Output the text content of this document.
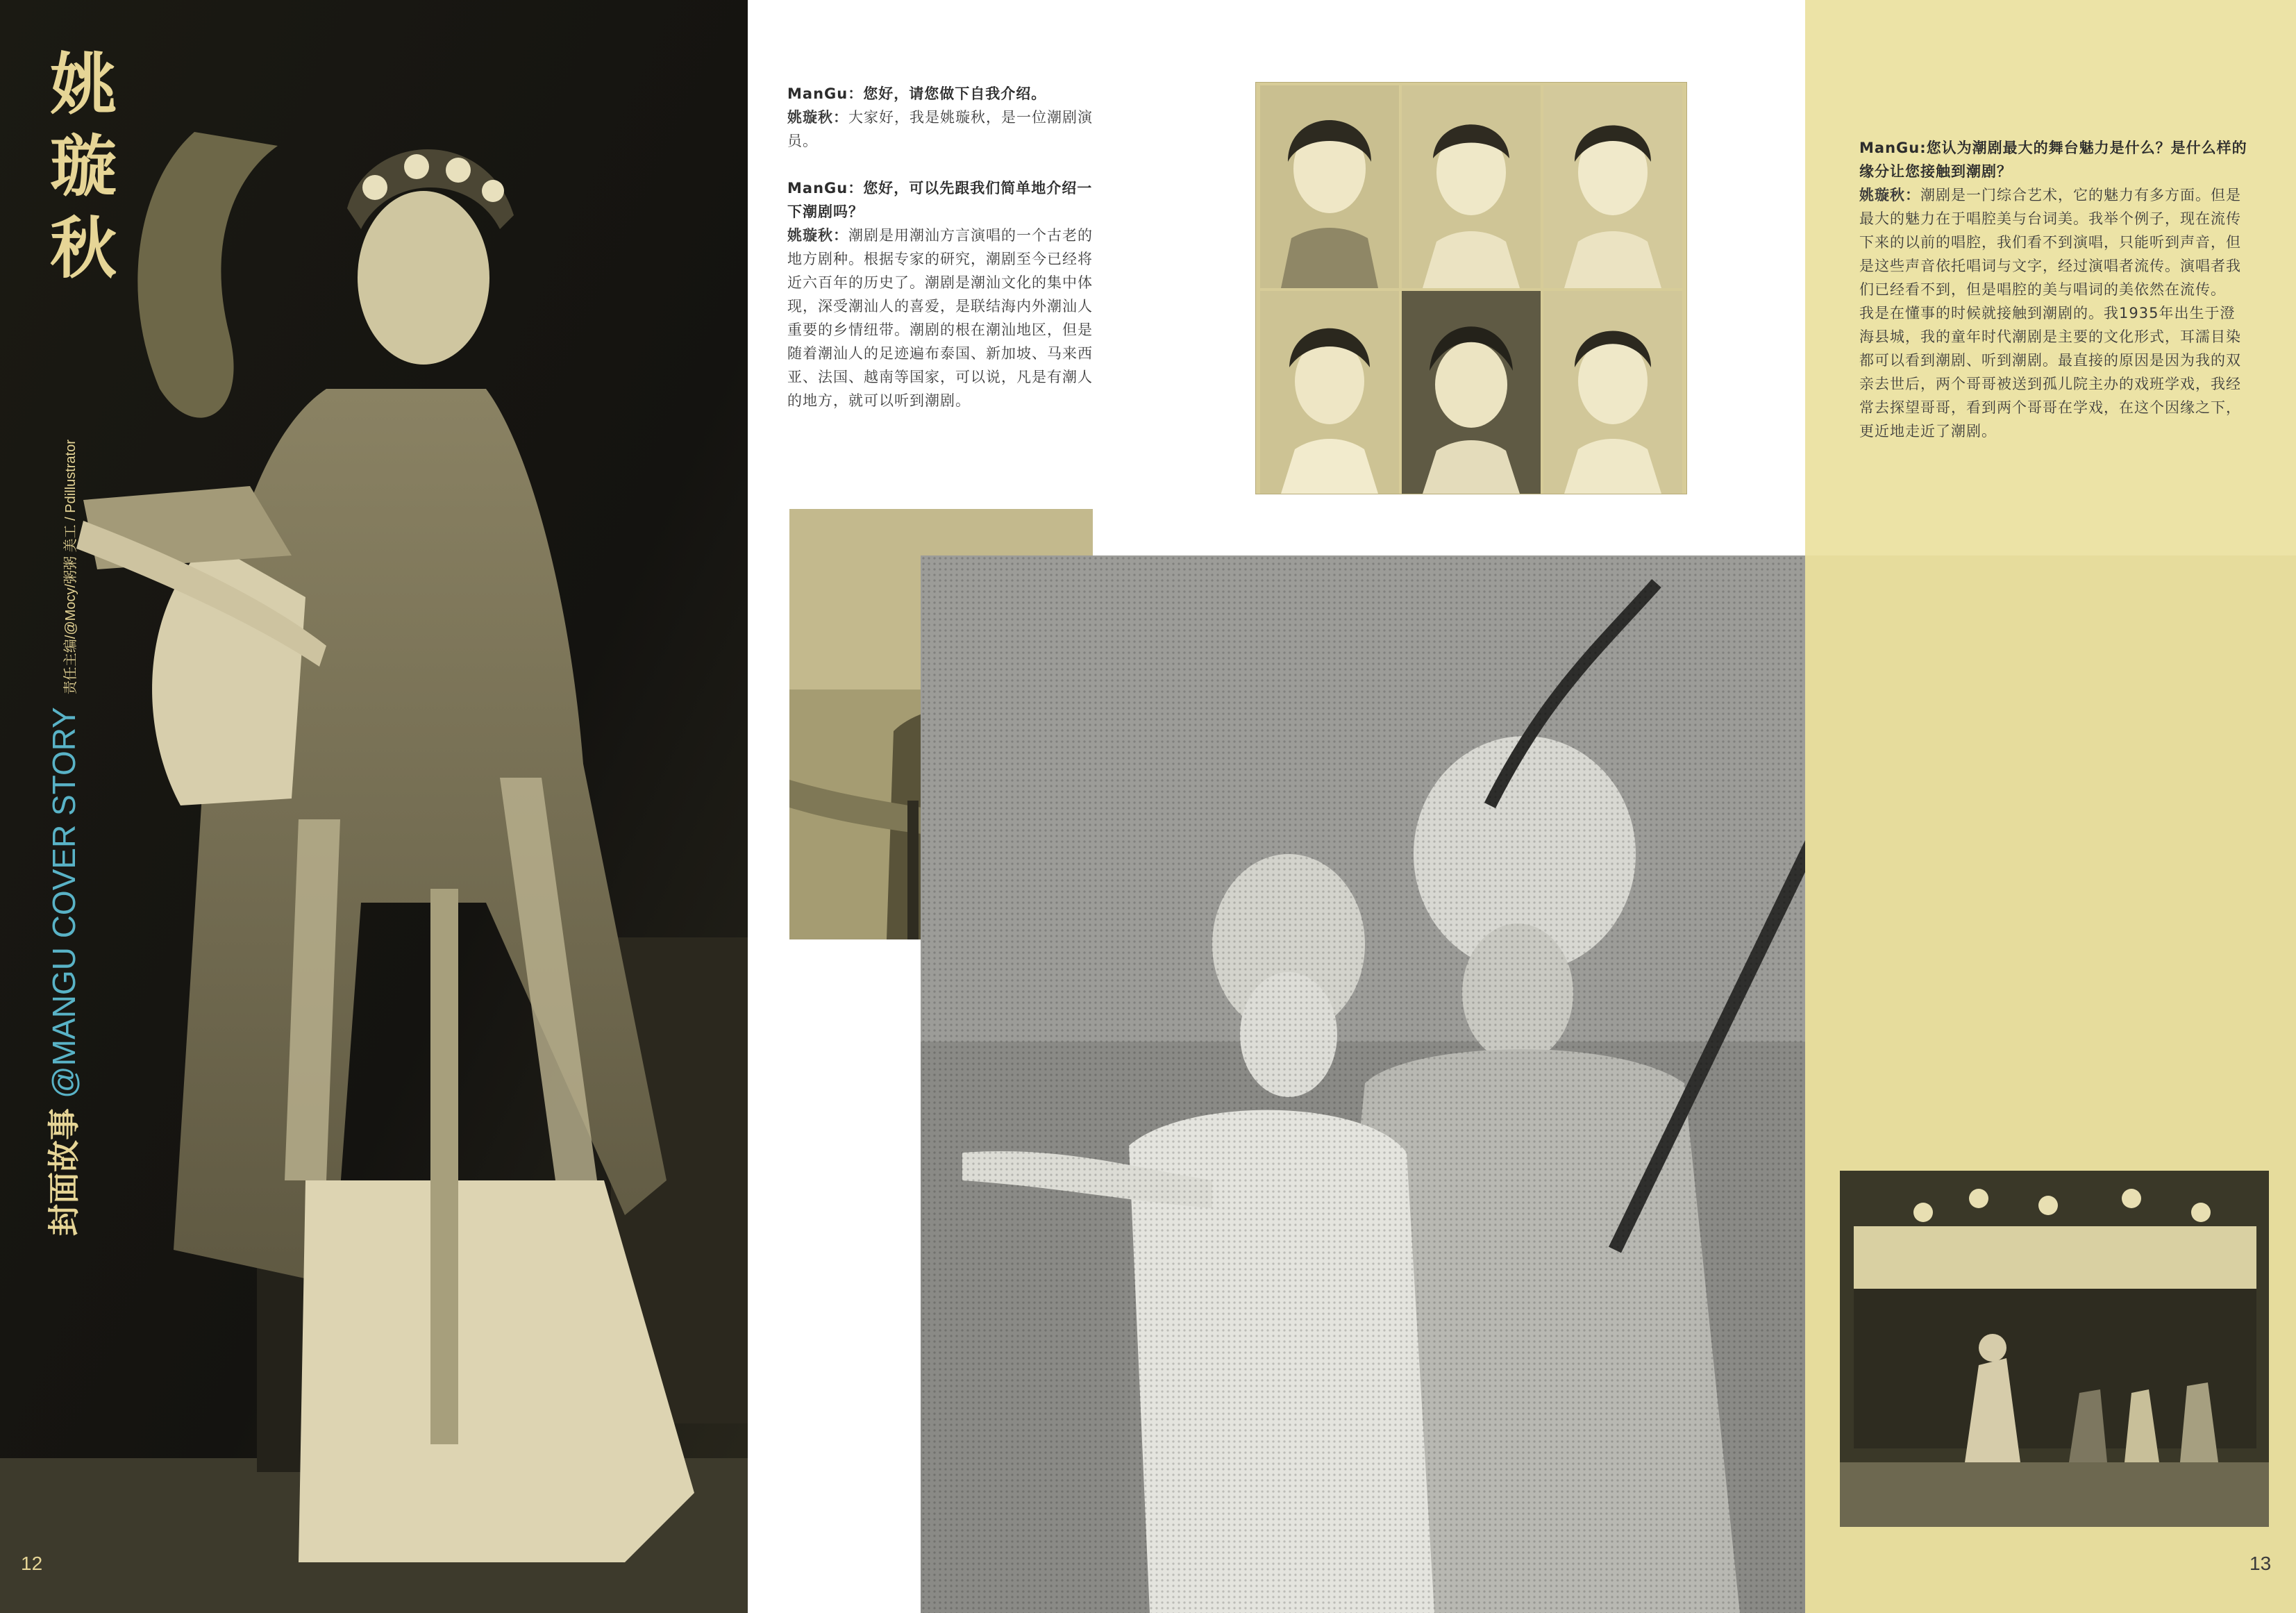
姚
璇
秋
封面故事@MANGU COVER STORY责任主编/@Mocy/粥粥 美工 / Pdillustrator
12

ManGu：您好，请您做下自我介绍。

姚璇秋：大家好，我是姚璇秋，是一位潮剧演员。

ManGu：您好，可以先跟我们简单地介绍一下潮剧吗？

姚璇秋：潮剧是用潮汕方言演唱的一个古老的地方剧种。根据专家的研究，潮剧至今已经将近六百年的历史了。潮剧是潮汕文化的集中体现，深受潮汕人的喜爱，是联结海内外潮汕人重要的乡情纽带。潮剧的根在潮汕地区，但是随着潮汕人的足迹遍布泰国、新加坡、马来西亚、法国、越南等国家，可以说，凡是有潮人的地方，就可以听到潮剧。

ManGu:您认为潮剧最大的舞台魅力是什么？是什么样的缘分让您接触到潮剧？

姚璇秋：潮剧是一门综合艺术，它的魅力有多方面。但是最大的魅力在于唱腔美与台词美。我举个例子，现在流传下来的以前的唱腔，我们看不到演唱，只能听到声音，但是这些声音依托唱词与文字，经过演唱者流传。演唱者我们已经看不到，但是唱腔的美与唱词的美依然在流传。

我是在懂事的时候就接触到潮剧的。我1935年出生于澄海县城，我的童年时代潮剧是主要的文化形式，耳濡目染都可以看到潮剧、听到潮剧。最直接的原因是因为我的双亲去世后，两个哥哥被送到孤儿院主办的戏班学戏，我经常去探望哥哥，看到两个哥哥在学戏，在这个因缘之下，更近地走近了潮剧。

13
